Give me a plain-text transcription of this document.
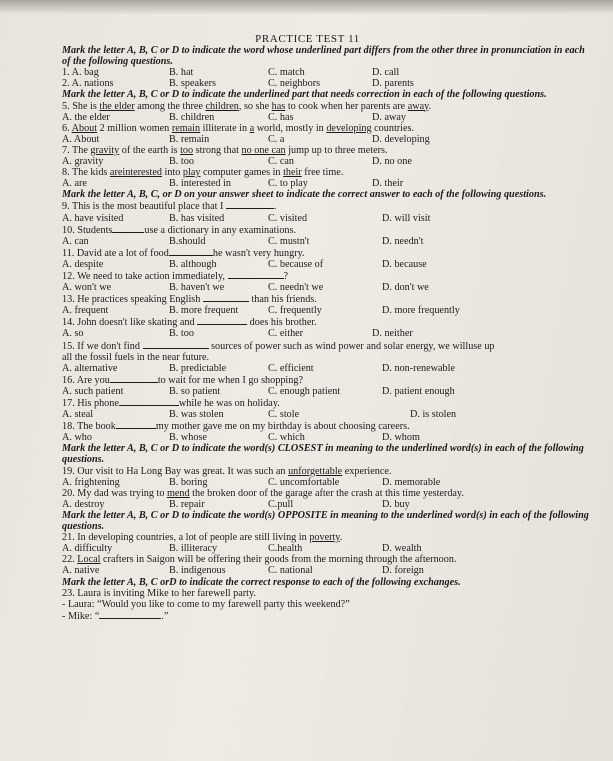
PRACTICE TEST 11
Mark the letter A, B, C or D to indicate the word whose underlined part differs from the other three in pronunciation in each of the following questions.
1. A. bag	B. hat	C. match	D. call
2. A. nations	B. speakers	C. neighbors	D. parents
Mark the letter A, B, C or D to indicate the underlined part that needs correction in each of the following questions.
5. She is the elder among the three children, so she has to cook when her parents are away.
A. the elder	B. children	C. has	D. away
6. About 2 million women remain illiterate in a world, mostly in developing countries.
A. About	B. remain	C. a	D. developing
7. The gravity of the earth is too strong that no one can jump up to three meters.
A. gravity	B. too	C. can	D. no one
8. The kids areinterested into play computer games in their free time.
A. are	B. interested in	C. to play	D. their
Mark the letter A, B, C, or D on your answer sheet to indicate the correct answer to each of the following questions.
9. This is the most beautiful place that I	.
A. have visited	B. has visited	C. visited	D. will visit
10. Students	use a dictionary in any examinations.
A. can	B.should	C. mustn't	D. needn't
11. David ate a lot of food	he wasn't very hungry.
A. despite	B. although	C. because of	D. because
12. We need to take action immediately,	?
A. won't we	B. haven't we	C. needn't we	D. don't we
13. He practices speaking English	than his friends.
A. frequent	B. more frequent	C. frequently	D. more frequently
14. John doesn't like skating and	does his brother.
A. so	B. too	C. either	D. neither
15. If we don't find	sources of power such as wind power and solar energy, we willuse up
all the fossil fuels in the near future.
A. alternative	B. predictable	C. efficient	D. non-renewable
16. Are you	to wait for me when I go shopping?
A. such patient	B. so patient	C. enough patient	D. patient enough
17. His phone	while he was on holiday.
A. steal	B. was stolen	C. stole	D. is stolen
18. The book	my mother gave me on my birthday is about choosing careers.
A. who	B. whose	C. which	D. whom
Mark the letter A, B, C or D to indicate the word(s) CLOSEST in meaning to the underlined word(s) in each of the following questions.
19. Our visit to Ha Long Bay was great. It was such an unforgettable experience.
A. frightening	B. boring	C. uncomfortable	D. memorable
20. My dad was trying to mend the broken door of the garage after the crash at this time yesterday.
A. destroy	B. repair	C.pull	D. buy
Mark the letter A, B, C or D to indicate the word(s) OPPOSITE in meaning to the underlined word(s) in each of the following questions.
21. In developing countries, a lot of people are still living in poverty.
A. difficulty	B. illiteracy	C.health	D. wealth
22. Local crafters in Saigon will be offering their goods from the morning through the afternoon.
A. native	B. indigenous	C. national	D. foreign
Mark the letter A, B, C orD to indicate the correct response to each of the following exchanges.
23. Laura is inviting Mike to her farewell party.
- Laura: “Would you like to come to my farewell party this weekend?”
- Mike: “	.”
